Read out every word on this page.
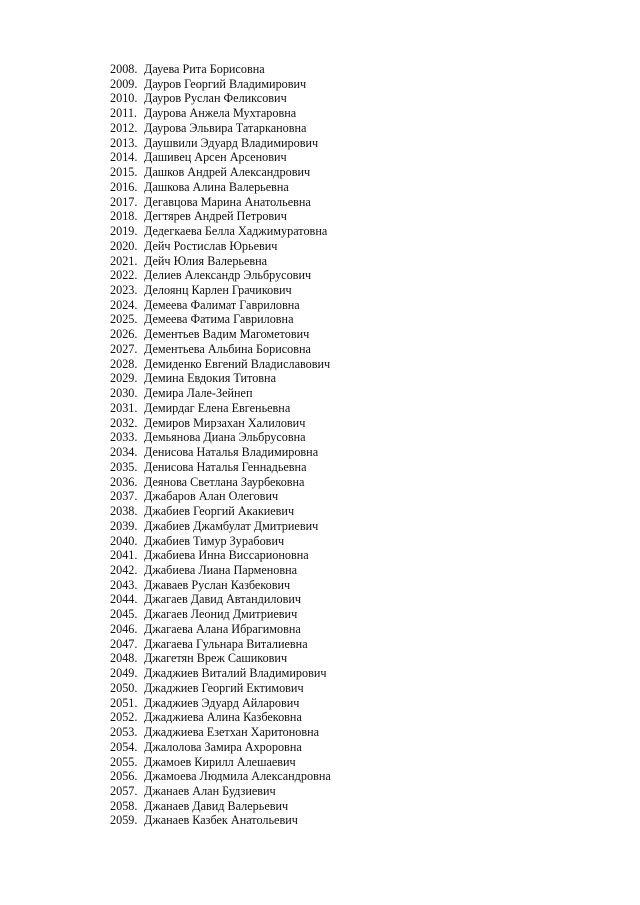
2008. Дауева Рита Борисовна
2009. Дауров Георгий Владимирович
2010. Дауров Руслан Феликсович
2011. Даурова Анжела Мухтаровна
2012. Даурова Эльвира Татаркановна
2013. Даушвили Эдуард Владимирович
2014. Дашивец Арсен Арсенович
2015. Дашков Андрей Александрович
2016. Дашкова Алина Валерьевна
2017. Дегавцова Марина Анатольевна
2018. Дегтярев Андрей Петрович
2019. Дедегкаева Белла Хаджимуратовна
2020. Дейч Ростислав Юрьевич
2021. Дейч Юлия Валерьевна
2022. Делиев Александр Эльбрусович
2023. Делоянц Карлен Грачикович
2024. Демеева Фалимат Гавриловна
2025. Демеева Фатима Гавриловна
2026. Дементьев Вадим Магометович
2027. Дементьева Альбина Борисовна
2028. Демиденко Евгений Владиславович
2029. Демина Евдокия Титовна
2030. Демира Лале-Зейнеп
2031. Демирдаг Елена Евгеньевна
2032. Демиров Мирзахан Халилович
2033. Демьянова Диана Эльбрусовна
2034. Денисова Наталья Владимировна
2035. Денисова Наталья Геннадьевна
2036. Деянова Светлана Заурбековна
2037. Джабаров Алан Олегович
2038. Джабиев Георгий Акакиевич
2039. Джабиев Джамбулат Дмитриевич
2040. Джабиев Тимур Зурабович
2041. Джабиева Инна Виссарионовна
2042. Джабиева Лиана Парменовна
2043. Джаваев Руслан Казбекович
2044. Джагаев Давид Автандилович
2045. Джагаев Леонид Дмитриевич
2046. Джагаева Алана Ибрагимовна
2047. Джагаева Гульнара Виталиевна
2048. Джагетян Вреж Сашикович
2049. Джаджиев Виталий Владимирович
2050. Джаджиев Георгий Ектимович
2051. Джаджиев Эдуард Айларович
2052. Джаджиева Алина Казбековна
2053. Джаджиева Езетхан Харитоновна
2054. Джалолова Замира Ахроровна
2055. Джамоев Кирилл Алешаевич
2056. Джамоева Людмила Александровна
2057. Джанаев Алан Будзиевич
2058. Джанаев Давид Валерьевич
2059. Джанаев Казбек Анатольевич
